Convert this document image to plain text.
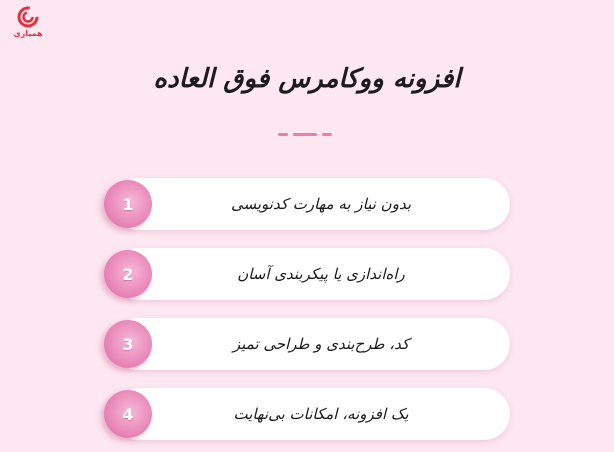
همیاری
افزونه ووکامرس فوق العاده
بدون نیاز به مهارت کدنویسی
1
راه‌اندازی یا پیکربندی آسان
2
کد، طرح‌بندی و طراحی تمیز
3
یک افزونه، امکانات بی‌نهایت
4
